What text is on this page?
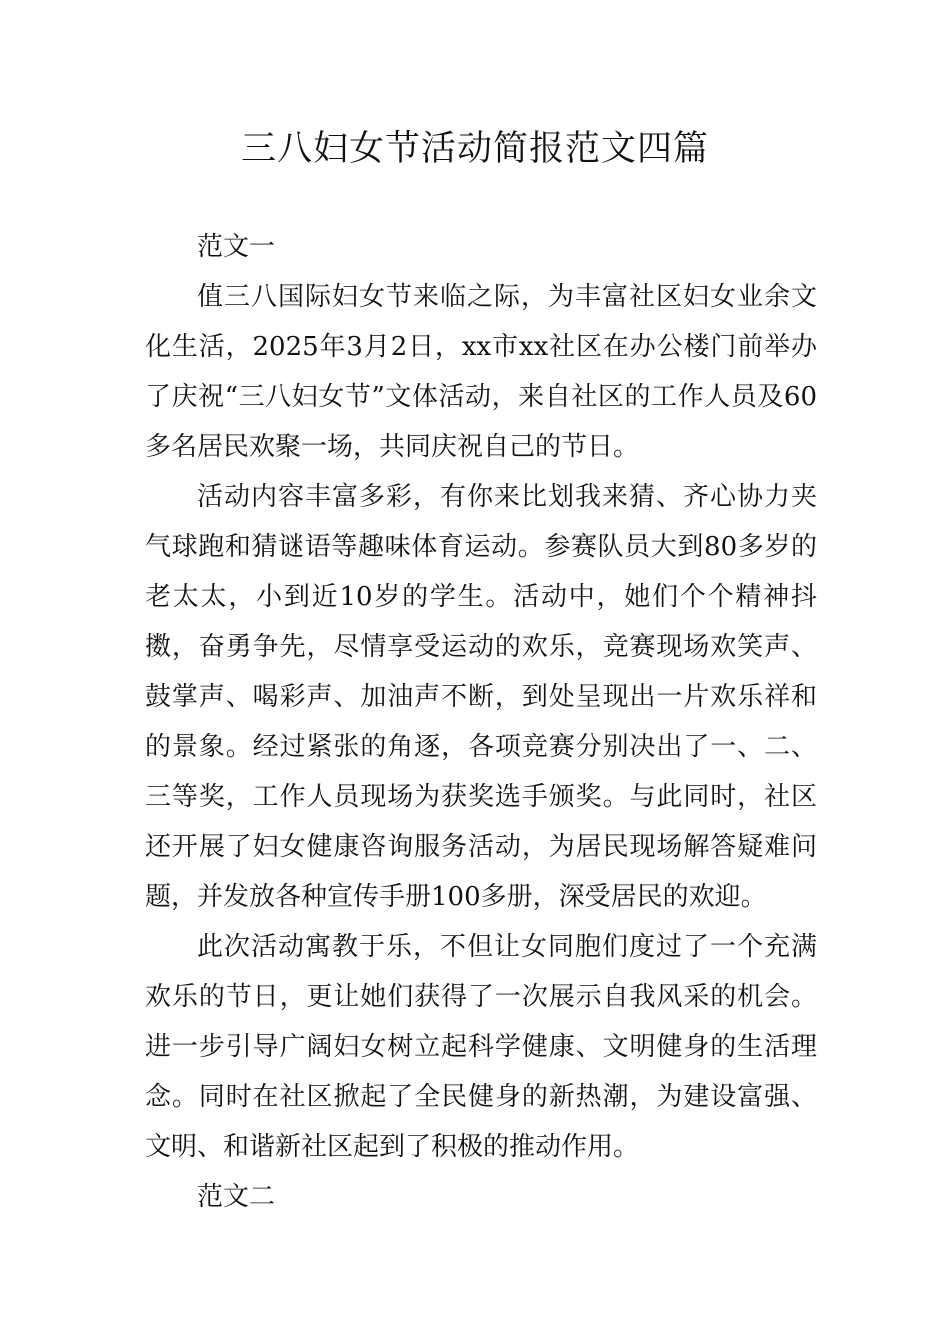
三八妇女节活动简报范文四篇

范文一

值三八国际妇女节来临之际，为丰富社区妇女业余文化生活，2025年3月2日，xx市xx社区在办公楼门前举办了庆祝“三八妇女节”文体活动，来自社区的工作人员及60多名居民欢聚一场，共同庆祝自己的节日。

活动内容丰富多彩，有你来比划我来猜、齐心协力夹气球跑和猜谜语等趣味体育运动。参赛队员大到80多岁的老太太，小到近10岁的学生。活动中，她们个个精神抖擞，奋勇争先，尽情享受运动的欢乐，竞赛现场欢笑声、鼓掌声、喝彩声、加油声不断，到处呈现出一片欢乐祥和的景象。经过紧张的角逐，各项竞赛分别决出了一、二、三等奖，工作人员现场为获奖选手颁奖。与此同时，社区还开展了妇女健康咨询服务活动，为居民现场解答疑难问题，并发放各种宣传手册100多册，深受居民的欢迎。

此次活动寓教于乐，不但让女同胞们度过了一个充满欢乐的节日，更让她们获得了一次展示自我风采的机会。进一步引导广阔妇女树立起科学健康、文明健身的生活理念。同时在社区掀起了全民健身的新热潮，为建设富强、文明、和谐新社区起到了积极的推动作用。

范文二
